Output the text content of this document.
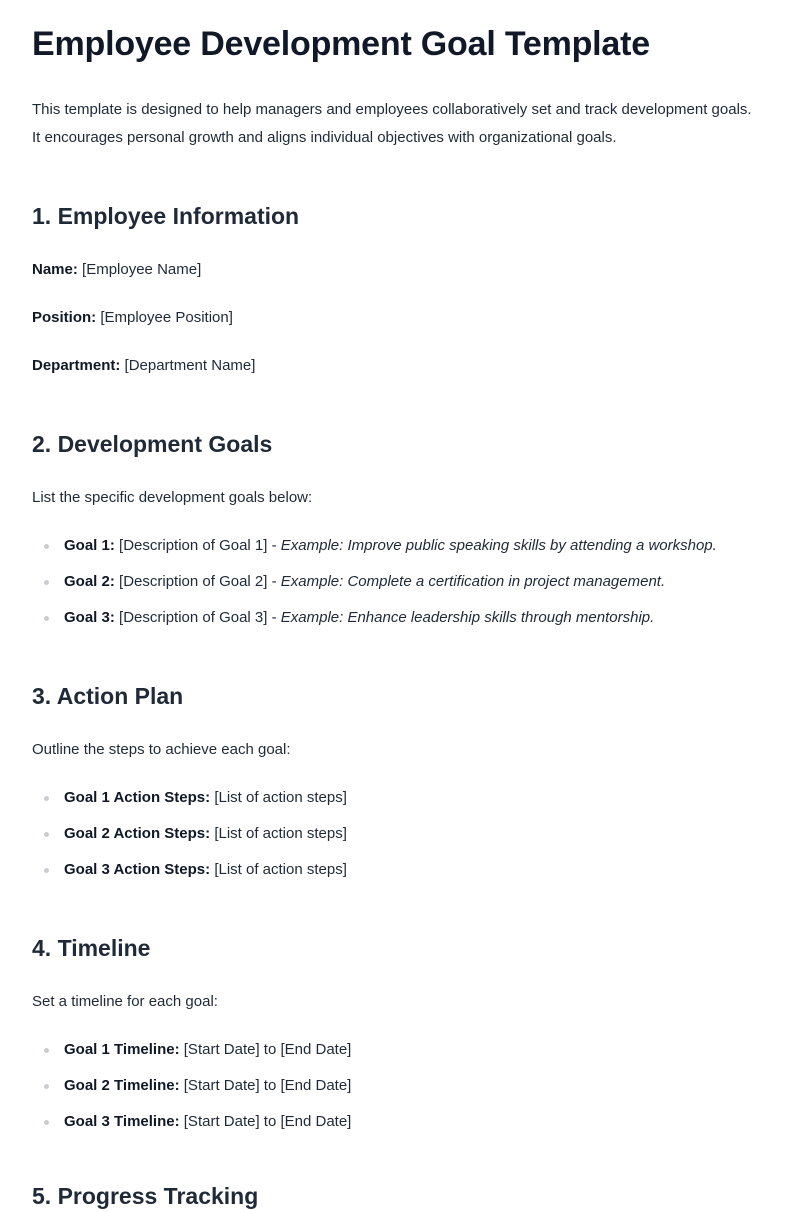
Employee Development Goal Template

This template is designed to help managers and employees collaboratively set and track development goals. It encourages personal growth and aligns individual objectives with organizational goals.

1. Employee Information

Name: [Employee Name]

Position: [Employee Position]

Department: [Department Name]

2. Development Goals

List the specific development goals below:

Goal 1: [Description of Goal 1] - Example: Improve public speaking skills by attending a workshop.
Goal 2: [Description of Goal 2] - Example: Complete a certification in project management.
Goal 3: [Description of Goal 3] - Example: Enhance leadership skills through mentorship.
3. Action Plan

Outline the steps to achieve each goal:

Goal 1 Action Steps: [List of action steps]
Goal 2 Action Steps: [List of action steps]
Goal 3 Action Steps: [List of action steps]
4. Timeline

Set a timeline for each goal:

Goal 1 Timeline: [Start Date] to [End Date]
Goal 2 Timeline: [Start Date] to [End Date]
Goal 3 Timeline: [Start Date] to [End Date]
5. Progress Tracking
